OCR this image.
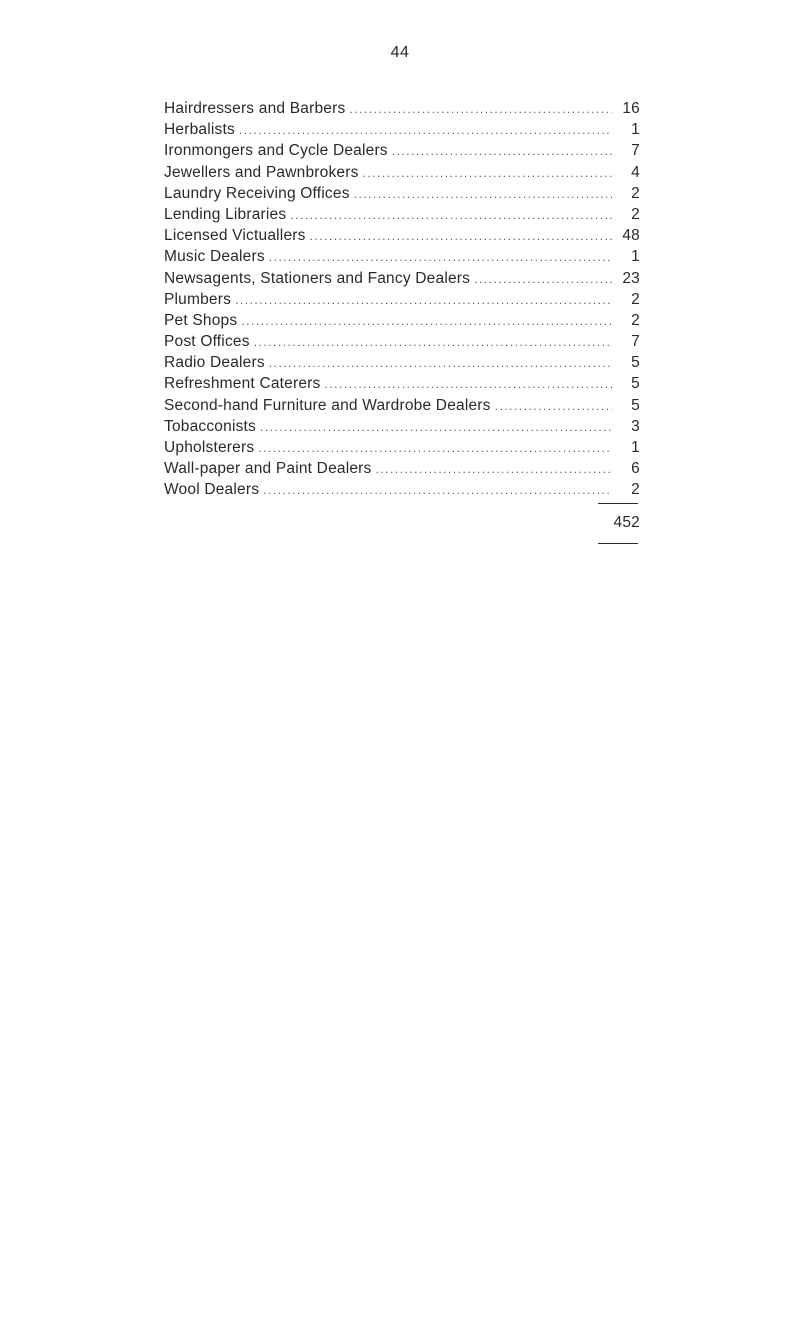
44
Hairdressers and Barbers .....	16
Herbalists .....	1
Ironmongers and Cycle Dealers .....	7
Jewellers and Pawnbrokers .....	4
Laundry Receiving Offices .....	2
Lending Libraries .....	2
Licensed Victuallers .....	48
Music Dealers .....	1
Newsagents, Stationers and Fancy Dealers .....	23
Plumbers .....	2
Pet Shops .....	2
Post Offices .....	7
Radio Dealers .....	5
Refreshment Caterers .....	5
Second-hand Furniture and Wardrobe Dealers .....	5
Tobacconists .....	3
Upholsterers .....	1
Wall-paper and Paint Dealers .....	6
Wool Dealers .....	2
452
